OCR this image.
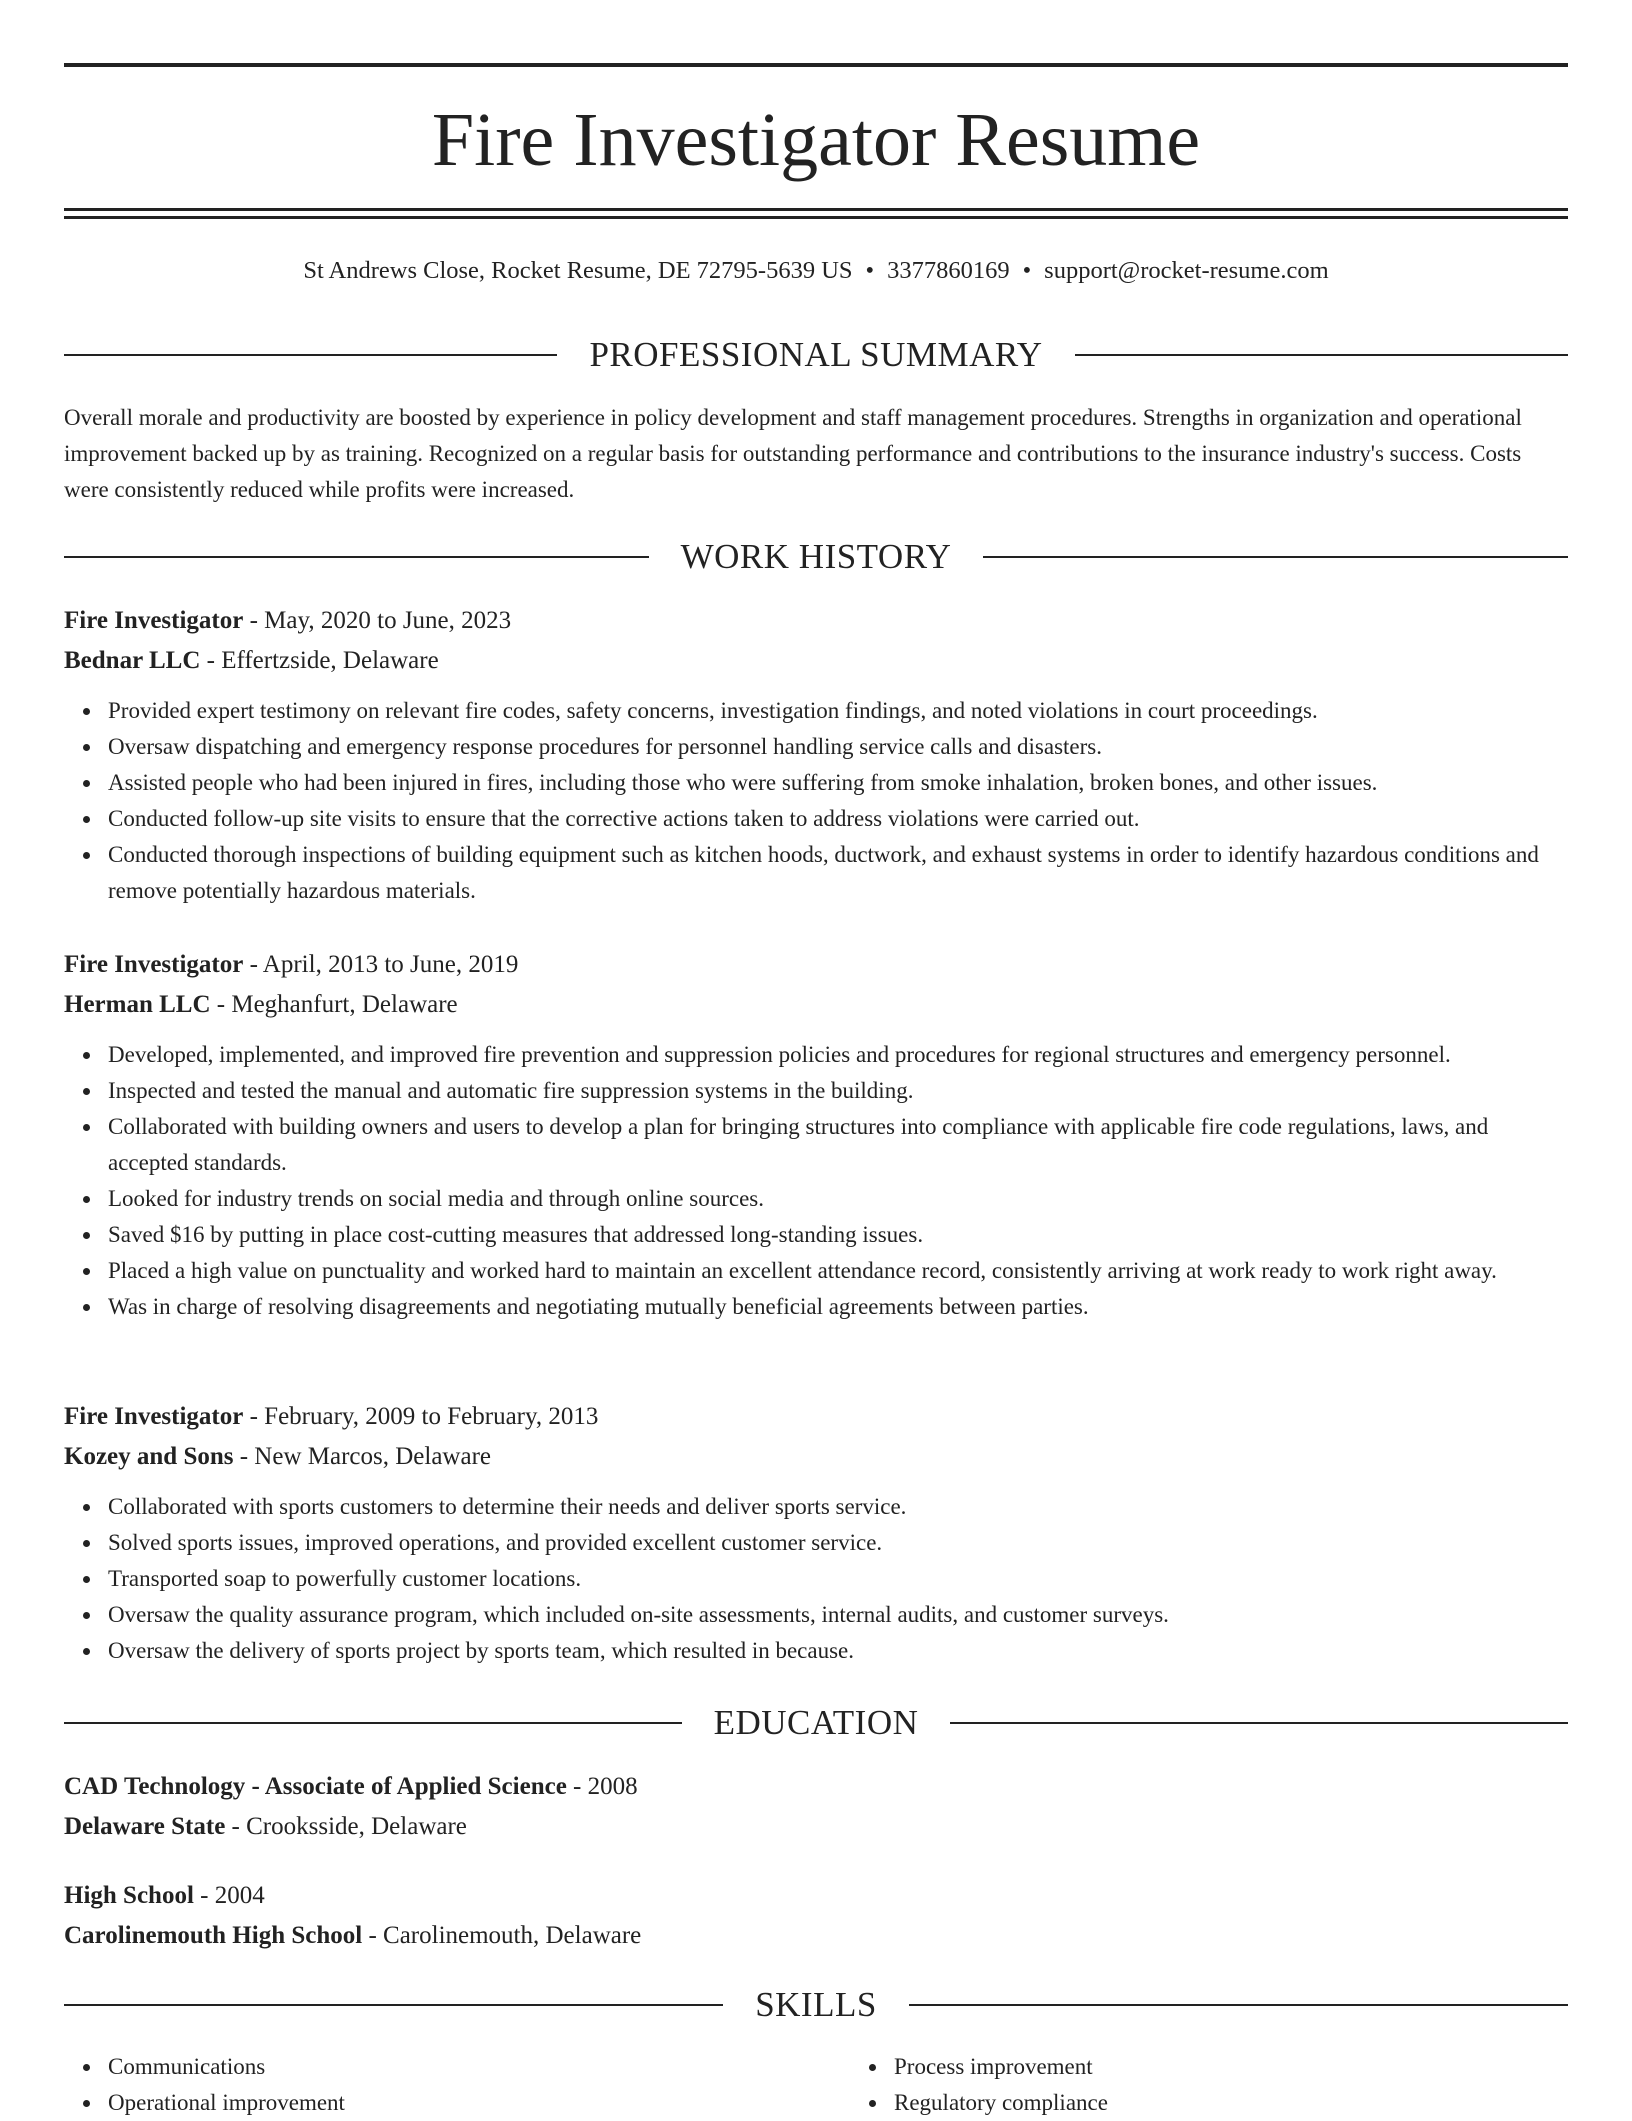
Fire Investigator Resume
St Andrews Close, Rocket Resume, DE 72795-5639 US • 3377860169 • support@rocket-resume.com
PROFESSIONAL SUMMARY

Overall morale and productivity are boosted by experience in policy development and staff management procedures. Strengths in organization and operational improvement backed up by as training. Recognized on a regular basis for outstanding performance and contributions to the insurance industry's success. Costs were consistently reduced while profits were increased.

WORK HISTORY

Fire Investigator - May, 2020 to June, 2023

Bednar LLC - Effertzside, Delaware

Provided expert testimony on relevant fire codes, safety concerns, investigation findings, and noted violations in court proceedings.
Oversaw dispatching and emergency response procedures for personnel handling service calls and disasters.
Assisted people who had been injured in fires, including those who were suffering from smoke inhalation, broken bones, and other issues.
Conducted follow-up site visits to ensure that the corrective actions taken to address violations were carried out.
Conducted thorough inspections of building equipment such as kitchen hoods, ductwork, and exhaust systems in order to identify hazardous conditions and remove potentially hazardous materials.

Fire Investigator - April, 2013 to June, 2019

Herman LLC - Meghanfurt, Delaware

Developed, implemented, and improved fire prevention and suppression policies and procedures for regional structures and emergency personnel.
Inspected and tested the manual and automatic fire suppression systems in the building.
Collaborated with building owners and users to develop a plan for bringing structures into compliance with applicable fire code regulations, laws, and accepted standards.
Looked for industry trends on social media and through online sources.
Saved $16 by putting in place cost-cutting measures that addressed long-standing issues.
Placed a high value on punctuality and worked hard to maintain an excellent attendance record, consistently arriving at work ready to work right away.
Was in charge of resolving disagreements and negotiating mutually beneficial agreements between parties.

Fire Investigator - February, 2009 to February, 2013

Kozey and Sons - New Marcos, Delaware

Collaborated with sports customers to determine their needs and deliver sports service.
Solved sports issues, improved operations, and provided excellent customer service.
Transported soap to powerfully customer locations.
Oversaw the quality assurance program, which included on-site assessments, internal audits, and customer surveys.
Oversaw the delivery of sports project by sports team, which resulted in because.
EDUCATION

CAD Technology - Associate of Applied Science - 2008

Delaware State - Crooksside, Delaware

High School - 2004

Carolinemouth High School - Carolinemouth, Delaware

SKILLS
Communications
Operational improvement
Process improvement
Regulatory compliance
